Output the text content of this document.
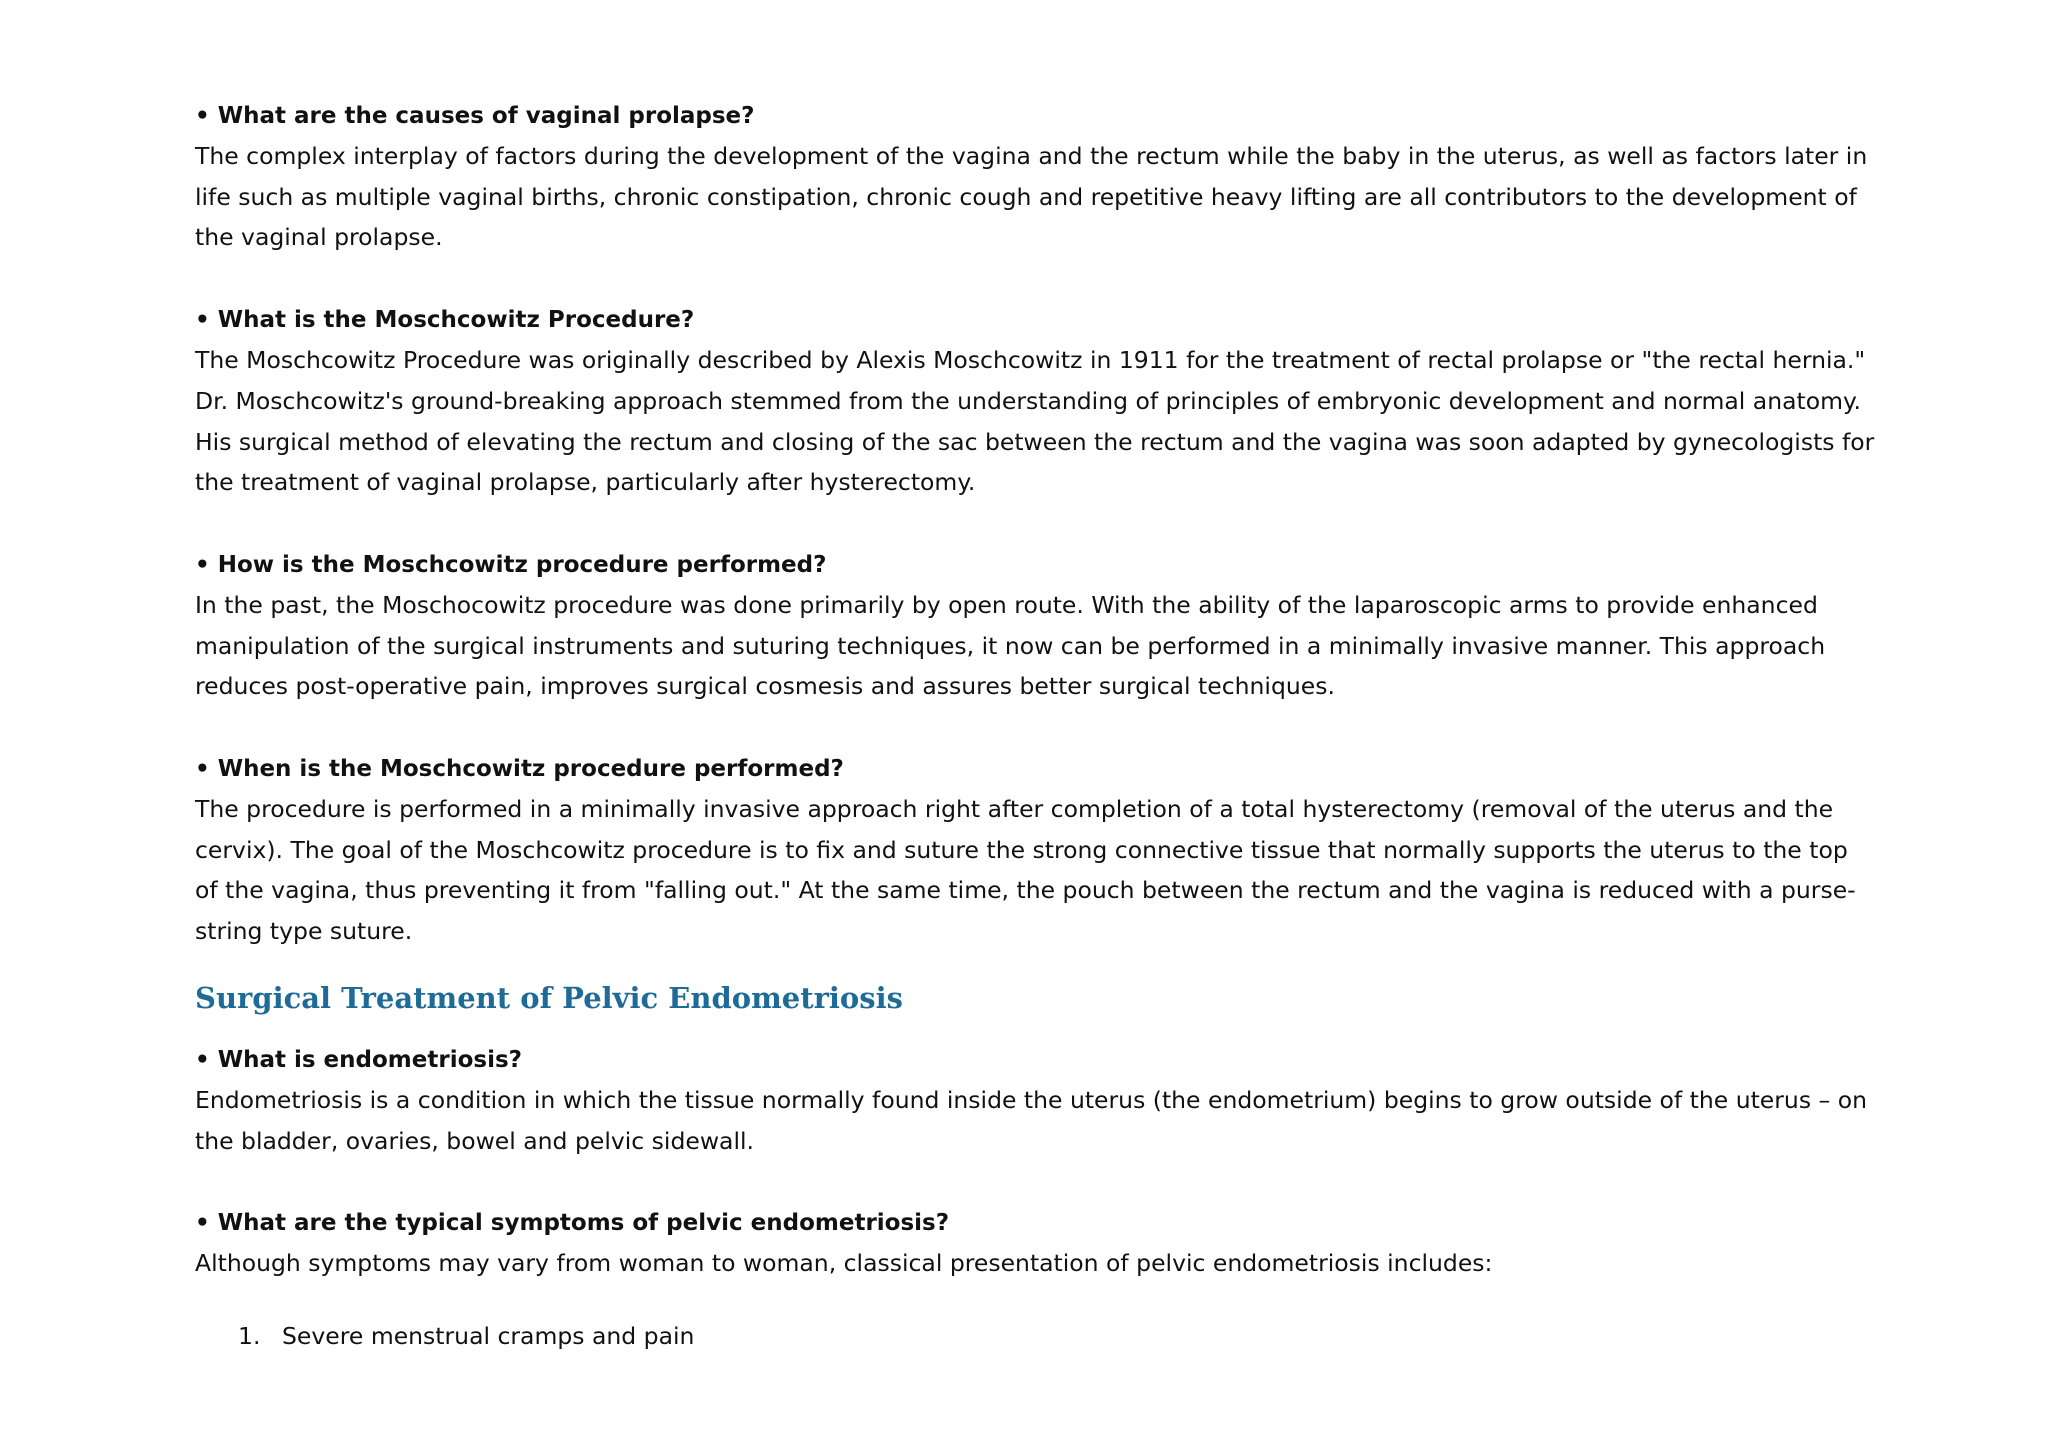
• What are the causes of vaginal prolapse?

The complex interplay of factors during the development of the vagina and the rectum while the baby in the uterus, as well as factors later in life such as multiple vaginal births, chronic constipation, chronic cough and repetitive heavy lifting are all contributors to the development of the vaginal prolapse.

• What is the Moschcowitz Procedure?

The Moschcowitz Procedure was originally described by Alexis Moschcowitz in 1911 for the treatment of rectal prolapse or "the rectal hernia." Dr. Moschcowitz's ground-breaking approach stemmed from the understanding of principles of embryonic development and normal anatomy. His surgical method of elevating the rectum and closing of the sac between the rectum and the vagina was soon adapted by gynecologists for the treatment of vaginal prolapse, particularly after hysterectomy.

• How is the Moschcowitz procedure performed?

In the past, the Moschocowitz procedure was done primarily by open route. With the ability of the laparoscopic arms to provide enhanced manipulation of the surgical instruments and suturing techniques, it now can be performed in a minimally invasive manner. This approach reduces post-operative pain, improves surgical cosmesis and assures better surgical techniques.

• When is the Moschcowitz procedure performed?

The procedure is performed in a minimally invasive approach right after completion of a total hysterectomy (removal of the uterus and the cervix). The goal of the Moschcowitz procedure is to fix and suture the strong connective tissue that normally supports the uterus to the top of the vagina, thus preventing it from "falling out." At the same time, the pouch between the rectum and the vagina is reduced with a purse-string type suture.

Surgical Treatment of Pelvic Endometriosis

• What is endometriosis?

Endometriosis is a condition in which the tissue normally found inside the uterus (the endometrium) begins to grow outside of the uterus – on the bladder, ovaries, bowel and pelvic sidewall.

• What are the typical symptoms of pelvic endometriosis?

Although symptoms may vary from woman to woman, classical presentation of pelvic endometriosis includes:

1. Severe menstrual cramps and pain
